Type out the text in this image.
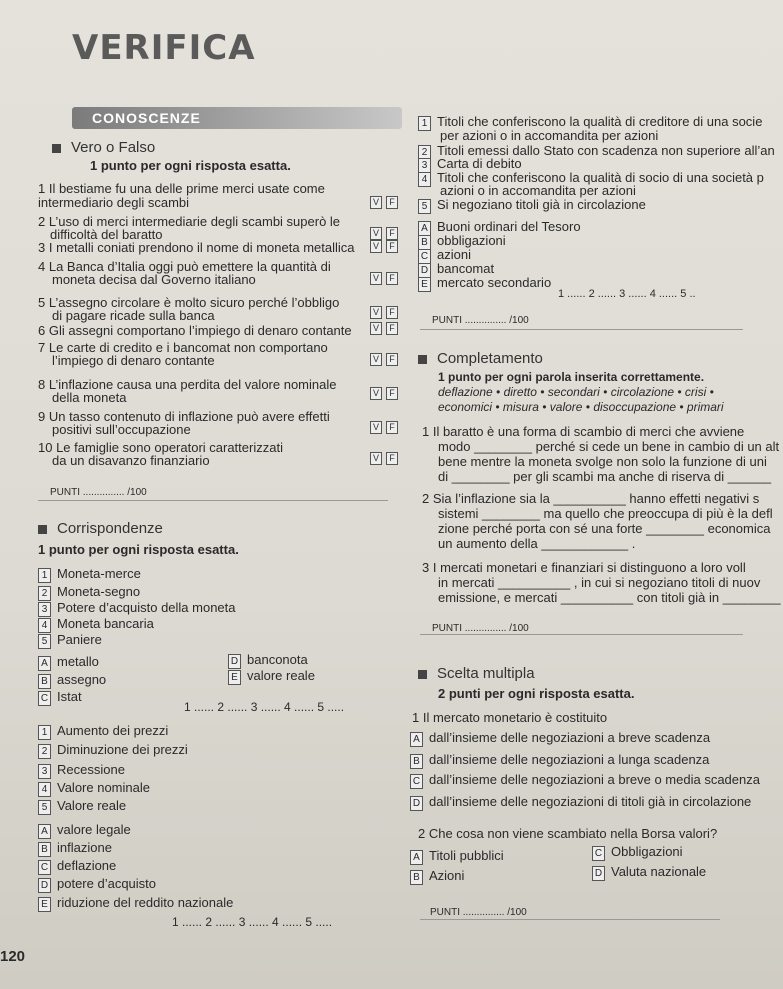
VERIFICA
CONOSCENZE
Vero o Falso
1 punto per ogni risposta esatta.
1 Il bestiame fu una delle prime merci usate come
intermediario degli scambi
2 L’uso di merci intermediarie degli scambi superò le
difficoltà del baratto
3 I metalli coniati prendono il nome di moneta metallica
4 La Banca d’Italia oggi può emettere la quantità di
moneta decisa dal Governo italiano
5 L’assegno circolare è molto sicuro perché l’obbligo
di pagare ricade sulla banca
6 Gli assegni comportano l’impiego di denaro contante
7 Le carte di credito e i bancomat non comportano
l’impiego di denaro contante
8 L’inflazione causa una perdita del valore nominale
della moneta
9 Un tasso contenuto di inflazione può avere effetti
positivi sull’occupazione
10 Le famiglie sono operatori caratterizzati
da un disavanzo finanziario
V F
V F
V F
V F
V F
V F
V F
V F
V F
V F
PUNTI ............... /100
Corrispondenze
1 punto per ogni risposta esatta.
1 Moneta-merce
2 Moneta-segno
3 Potere d’acquisto della moneta
4 Moneta bancaria
5 Paniere
A metallo
B assegno
C Istat
D banconota
E valore reale
1 ...... 2 ...... 3 ...... 4 ...... 5 .....
1 Aumento dei prezzi
2 Diminuzione dei prezzi
3 Recessione
4 Valore nominale
5 Valore reale
A valore legale
B inflazione
C deflazione
D potere d’acquisto
E riduzione del reddito nazionale
1 ...... 2 ...... 3 ...... 4 ...... 5 .....
120
1 Titoli che conferiscono la qualità di creditore di una socie
per azioni o in accomandita per azioni
2 Titoli emessi dallo Stato con scadenza non superiore all’an
3 Carta di debito
4 Titoli che conferiscono la qualità di socio di una società p
azioni o in accomandita per azioni
5 Si negoziano titoli già in circolazione
A Buoni ordinari del Tesoro
B obbligazioni
C azioni
D bancomat
E mercato secondario
1 ...... 2 ...... 3 ...... 4 ...... 5 ..
PUNTI ............... /100
Completamento
1 punto per ogni parola inserita correttamente.
deflazione • diretto • secondari • circolazione • crisi •
economici • misura • valore • disoccupazione • primari
1 Il baratto è una forma di scambio di merci che avviene
modo ________ perché si cede un bene in cambio di un alt
bene mentre la moneta svolge non solo la funzione di uni
di ________ per gli scambi ma anche di riserva di ______
2 Sia l’inflazione sia la __________ hanno effetti negativi s
sistemi ________ ma quello che preoccupa di più è la defl
zione perché porta con sé una forte ________ economica
un aumento della ____________ .
3 I mercati monetari e finanziari si distinguono a loro voll
in mercati __________ , in cui si negoziano titoli di nuov
emissione, e mercati __________ con titoli già in ________
PUNTI ............... /100
Scelta multipla
2 punti per ogni risposta esatta.
1 Il mercato monetario è costituito
A dall’insieme delle negoziazioni a breve scadenza
B dall’insieme delle negoziazioni a lunga scadenza
C dall’insieme delle negoziazioni a breve o media scadenza
D dall’insieme delle negoziazioni di titoli già in circolazione
2 Che cosa non viene scambiato nella Borsa valori?
A Titoli pubblici
B Azioni
C Obbligazioni
D Valuta nazionale
PUNTI ............... /100
